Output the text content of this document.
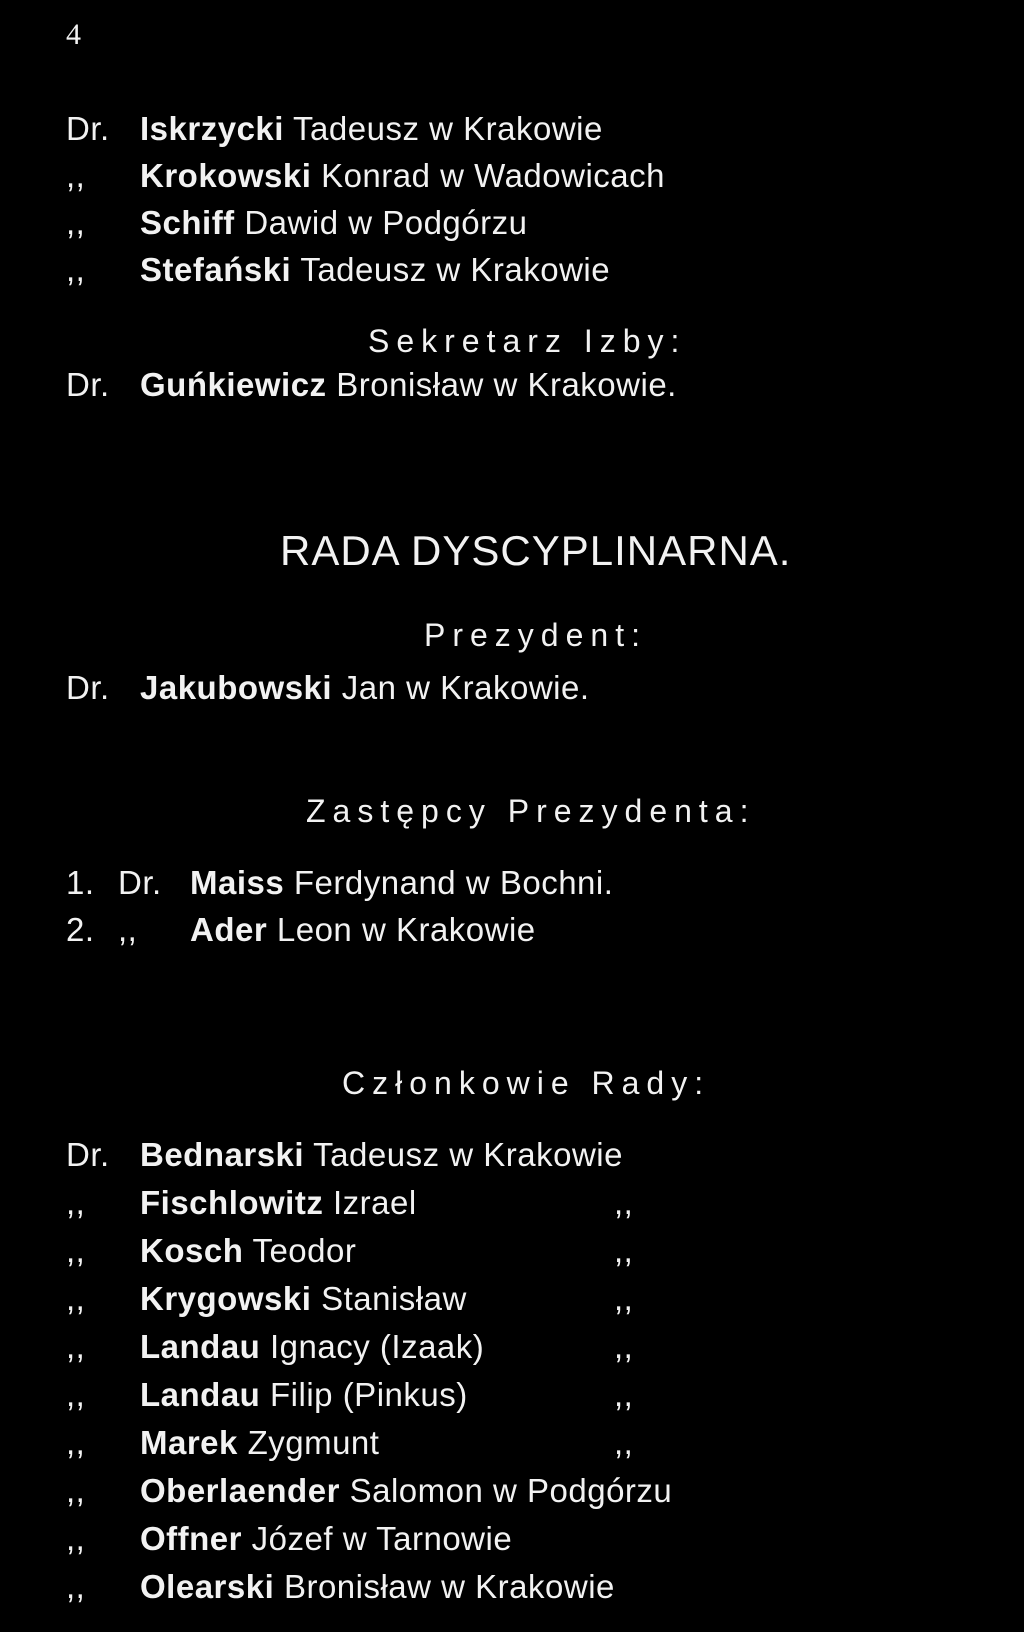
4
Dr. Iskrzycki Tadeusz w Krakowie
,, Krokowski Konrad w Wadowicach
,, Schiff Dawid w Podgórzu
,, Stefański Tadeusz w Krakowie
Sekretarz Izby:
Dr. Guńkiewicz Bronisław w Krakowie.
RADA DYSCYPLINARNA.
Prezydent:
Dr. Jakubowski Jan w Krakowie.
Zastępcy Prezydenta:
1. Dr. Maiss Ferdynand w Bochni.
2. ,, Ader Leon w Krakowie
Członkowie Rady:
Dr. Bednarski Tadeusz w Krakowie
,, Fischlowitz Izrael	,,
,, Kosch Teodor	,,
,, Krygowski Stanisław	,,
,, Landau Ignacy (Izaak)	,,
,, Landau Filip (Pinkus)	,,
,, Marek Zygmunt	,,
,, Oberlaender Salomon w Podgórzu
,, Offner Józef w Tarnowie
,, Olearski Bronisław w Krakowie
